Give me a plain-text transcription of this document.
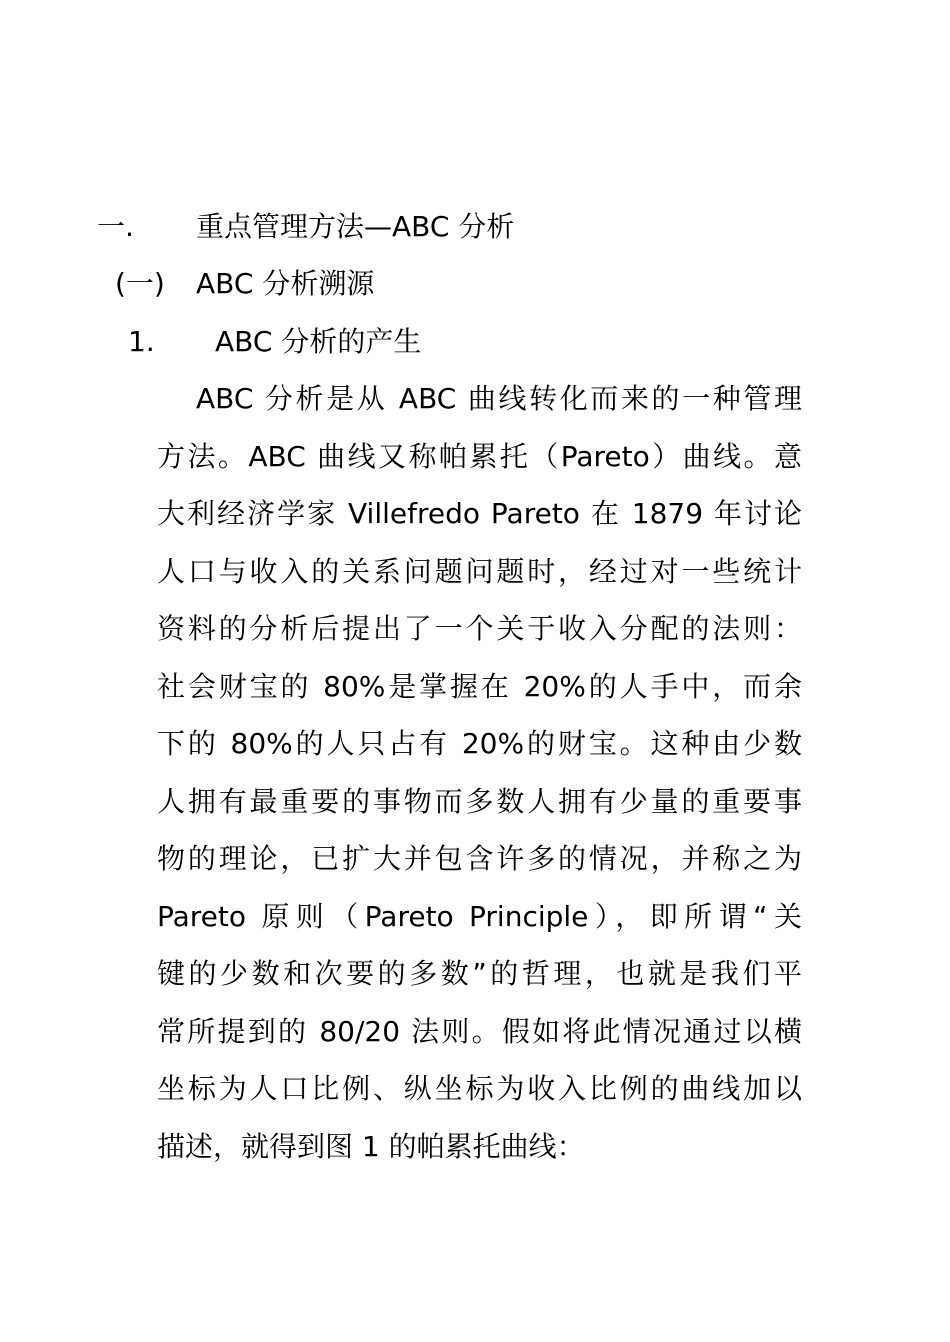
一. 重点管理方法—ABC 分析
(一) ABC 分析溯源
1. ABC 分析的产生
ABC 分析是从 ABC 曲线转化而来的一种管理
方法。ABC 曲线又称帕累托（Pareto）曲线。意
大利经济学家 Villefredo Pareto 在 1879 年讨论
人口与收入的关系问题问题时，经过对一些统计
资料的分析后提出了一个关于收入分配的法则：
社会财宝的 80%是掌握在 20%的人手中，而余
下的 80%的人只占有 20%的财宝。这种由少数
人拥有最重要的事物而多数人拥有少量的重要事
物的理论，已扩大并包含许多的情况，并称之为
Pareto 原则（Pareto Principle），即所谓“关
键的少数和次要的多数”的哲理，也就是我们平
常所提到的 80/20 法则。假如将此情况通过以横
坐标为人口比例、纵坐标为收入比例的曲线加以
描述，就得到图 1 的帕累托曲线：
